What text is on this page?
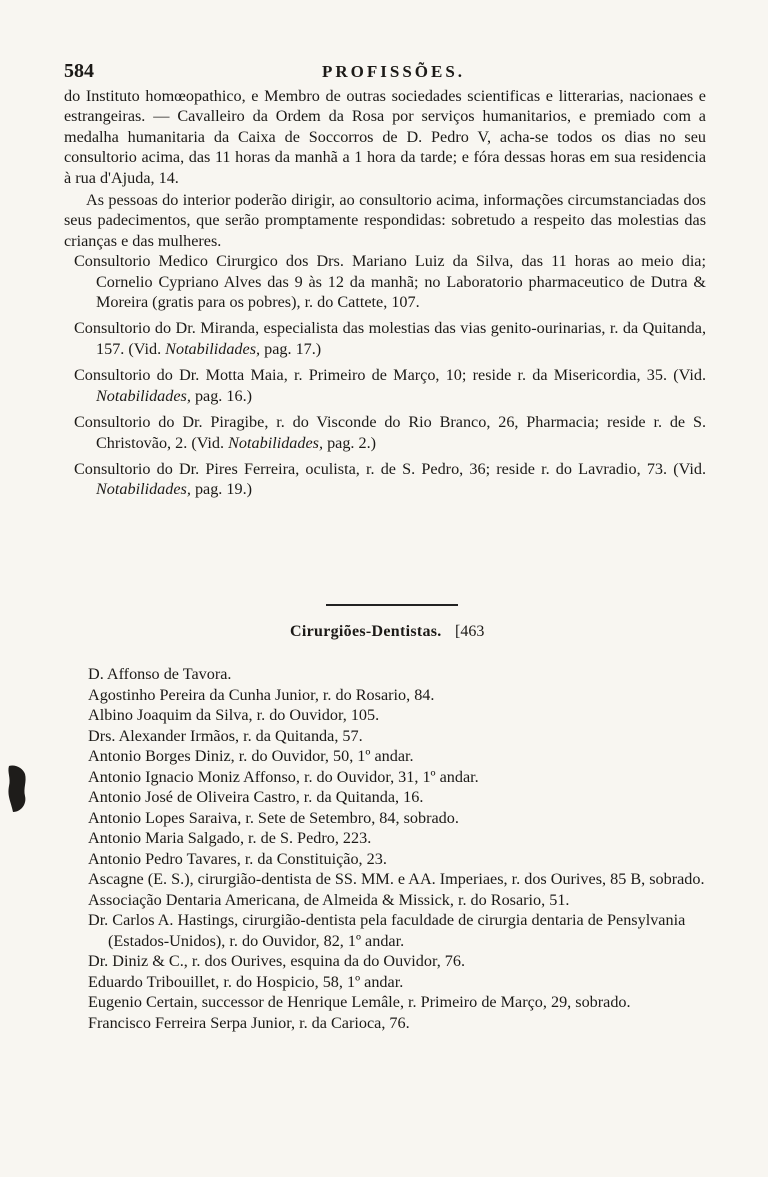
584	PROFISSÕES.

do Instituto homœopathico, e Membro de outras sociedades scientificas e litterarias, nacionaes e estrangeiras. — Cavalleiro da Ordem da Rosa por serviços humanitarios, e premiado com a medalha humanitaria da Caixa de Soccorros de D. Pedro V, acha-se todos os dias no seu consultorio acima, das 11 horas da manhã a 1 hora da tarde; e fóra dessas horas em sua residencia à rua d'Ajuda, 14.

As pessoas do interior poderão dirigir, ao consultorio acima, informações circumstanciadas dos seus padecimentos, que serão promptamente respondidas: sobretudo a respeito das molestias das crianças e das mulheres.

Consultorio Medico Cirurgico dos Drs. Mariano Luiz da Silva, das 11 horas ao meio dia; Cornelio Cypriano Alves das 9 às 12 da manhã; no Laboratorio pharmaceutico de Dutra & Moreira (gratis para os pobres), r. do Cattete, 107.

Consultorio do Dr. Miranda, especialista das molestias das vias genito-ourinarias, r. da Quitanda, 157. (Vid. Notabilidades, pag. 17.)

Consultorio do Dr. Motta Maia, r. Primeiro de Março, 10; reside r. da Misericordia, 35. (Vid. Notabilidades, pag. 16.)

Consultorio do Dr. Piragibe, r. do Visconde do Rio Branco, 26, Pharmacia; reside r. de S. Christovão, 2. (Vid. Notabilidades, pag. 2.)

Consultorio do Dr. Pires Ferreira, oculista, r. de S. Pedro, 36; reside r. do Lavradio, 73. (Vid. Notabilidades, pag. 19.)

Cirurgiões-Dentistas. [463
D. Affonso de Tavora.
Agostinho Pereira da Cunha Junior, r. do Rosario, 84.
Albino Joaquim da Silva, r. do Ouvidor, 105.
Drs. Alexander Irmãos, r. da Quitanda, 57.
Antonio Borges Diniz, r. do Ouvidor, 50, 1º andar.
Antonio Ignacio Moniz Affonso, r. do Ouvidor, 31, 1º andar.
Antonio José de Oliveira Castro, r. da Quitanda, 16.
Antonio Lopes Saraiva, r. Sete de Setembro, 84, sobrado.
Antonio Maria Salgado, r. de S. Pedro, 223.
Antonio Pedro Tavares, r. da Constituição, 23.
Ascagne (E. S.), cirurgião-dentista de SS. MM. e AA. Imperiaes, r. dos Ourives, 85 B, sobrado.
Associação Dentaria Americana, de Almeida & Missick, r. do Rosario, 51.
Dr. Carlos A. Hastings, cirurgião-dentista pela faculdade de cirurgia dentaria de Pensylvania (Estados-Unidos), r. do Ouvidor, 82, 1º andar.
Dr. Diniz & C., r. dos Ourives, esquina da do Ouvidor, 76.
Eduardo Tribouillet, r. do Hospicio, 58, 1º andar.
Eugenio Certain, successor de Henrique Lemâle, r. Primeiro de Março, 29, sobrado.
Francisco Ferreira Serpa Junior, r. da Carioca, 76.
